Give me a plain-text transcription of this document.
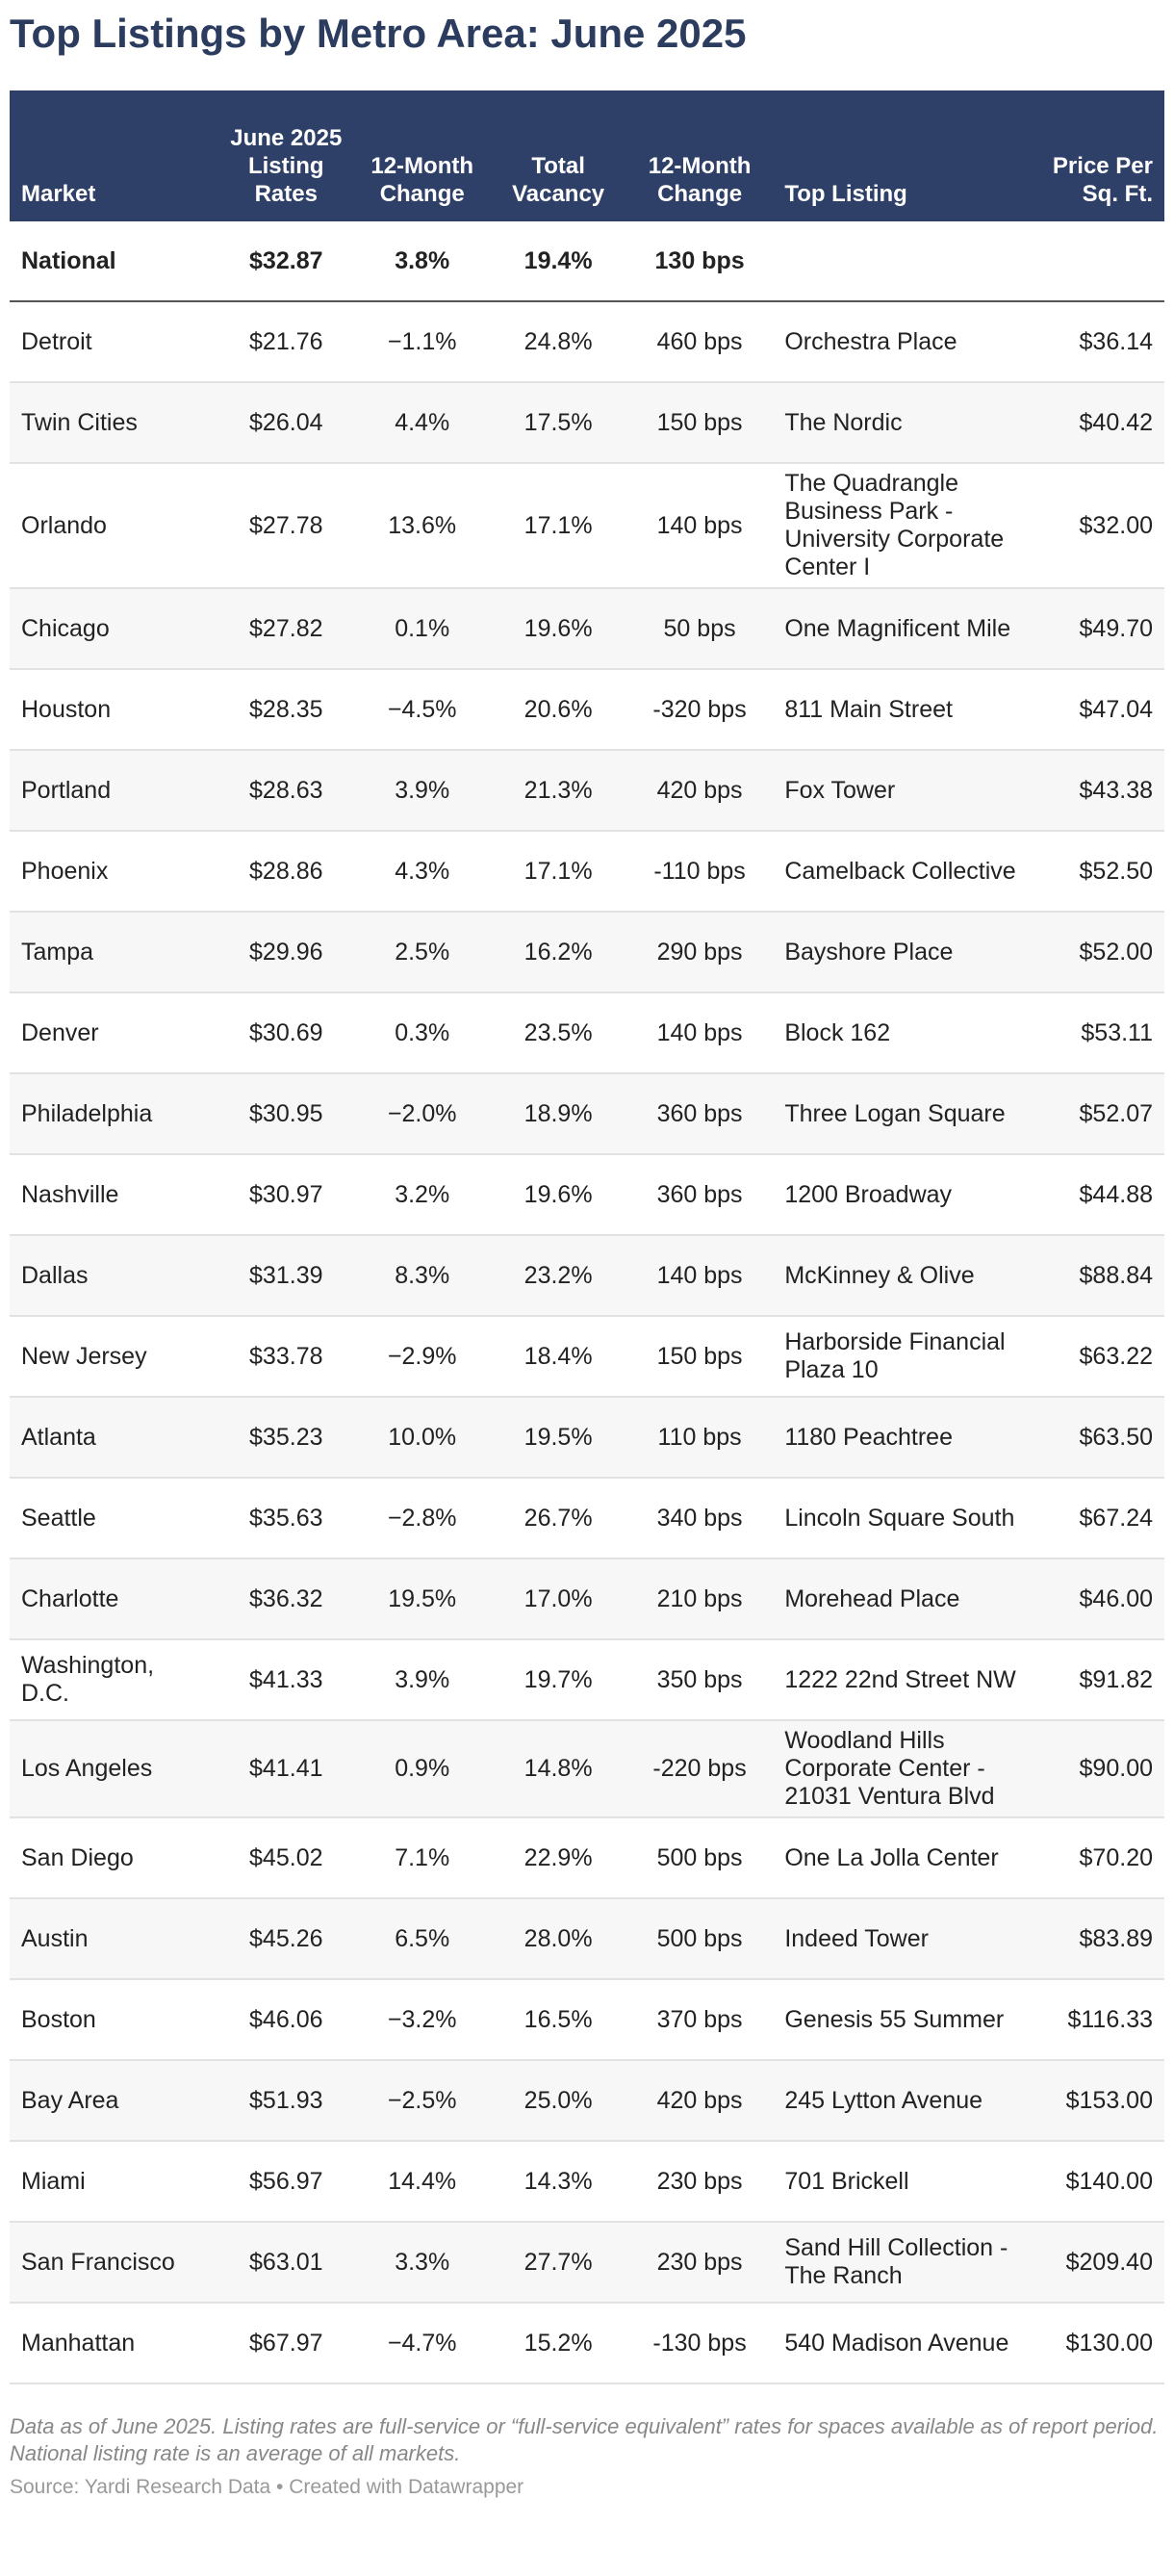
Top Listings by Metro Area: June 2025
Market	June 2025 Listing Rates	12-Month Change	Total Vacancy	12-Month Change	Top Listing	Price Per Sq. Ft.
National	$32.87	3.8%	19.4%	130 bps		
Detroit	$21.76	−1.1%	24.8%	460 bps	Orchestra Place	$36.14
Twin Cities	$26.04	4.4%	17.5%	150 bps	The Nordic	$40.42
Orlando	$27.78	13.6%	17.1%	140 bps	The Quadrangle Business Park - University Corporate Center I	$32.00
Chicago	$27.82	0.1%	19.6%	50 bps	One Magnificent Mile	$49.70
Houston	$28.35	−4.5%	20.6%	-320 bps	811 Main Street	$47.04
Portland	$28.63	3.9%	21.3%	420 bps	Fox Tower	$43.38
Phoenix	$28.86	4.3%	17.1%	-110 bps	Camelback Collective	$52.50
Tampa	$29.96	2.5%	16.2%	290 bps	Bayshore Place	$52.00
Denver	$30.69	0.3%	23.5%	140 bps	Block 162	$53.11
Philadelphia	$30.95	−2.0%	18.9%	360 bps	Three Logan Square	$52.07
Nashville	$30.97	3.2%	19.6%	360 bps	1200 Broadway	$44.88
Dallas	$31.39	8.3%	23.2%	140 bps	McKinney & Olive	$88.84
New Jersey	$33.78	−2.9%	18.4%	150 bps	Harborside Financial Plaza 10	$63.22
Atlanta	$35.23	10.0%	19.5%	110 bps	1180 Peachtree	$63.50
Seattle	$35.63	−2.8%	26.7%	340 bps	Lincoln Square South	$67.24
Charlotte	$36.32	19.5%	17.0%	210 bps	Morehead Place	$46.00
Washington, D.C.	$41.33	3.9%	19.7%	350 bps	1222 22nd Street NW	$91.82
Los Angeles	$41.41	0.9%	14.8%	-220 bps	Woodland Hills Corporate Center - 21031 Ventura Blvd	$90.00
San Diego	$45.02	7.1%	22.9%	500 bps	One La Jolla Center	$70.20
Austin	$45.26	6.5%	28.0%	500 bps	Indeed Tower	$83.89
Boston	$46.06	−3.2%	16.5%	370 bps	Genesis 55 Summer	$116.33
Bay Area	$51.93	−2.5%	25.0%	420 bps	245 Lytton Avenue	$153.00
Miami	$56.97	14.4%	14.3%	230 bps	701 Brickell	$140.00
San Francisco	$63.01	3.3%	27.7%	230 bps	Sand Hill Collection - The Ranch	$209.40
Manhattan	$67.97	−4.7%	15.2%	-130 bps	540 Madison Avenue	$130.00
Data as of June 2025. Listing rates are full-service or “full-service equivalent” rates for spaces available as of report period. National listing rate is an average of all markets.
Source: Yardi Research Data • Created with Datawrapper
